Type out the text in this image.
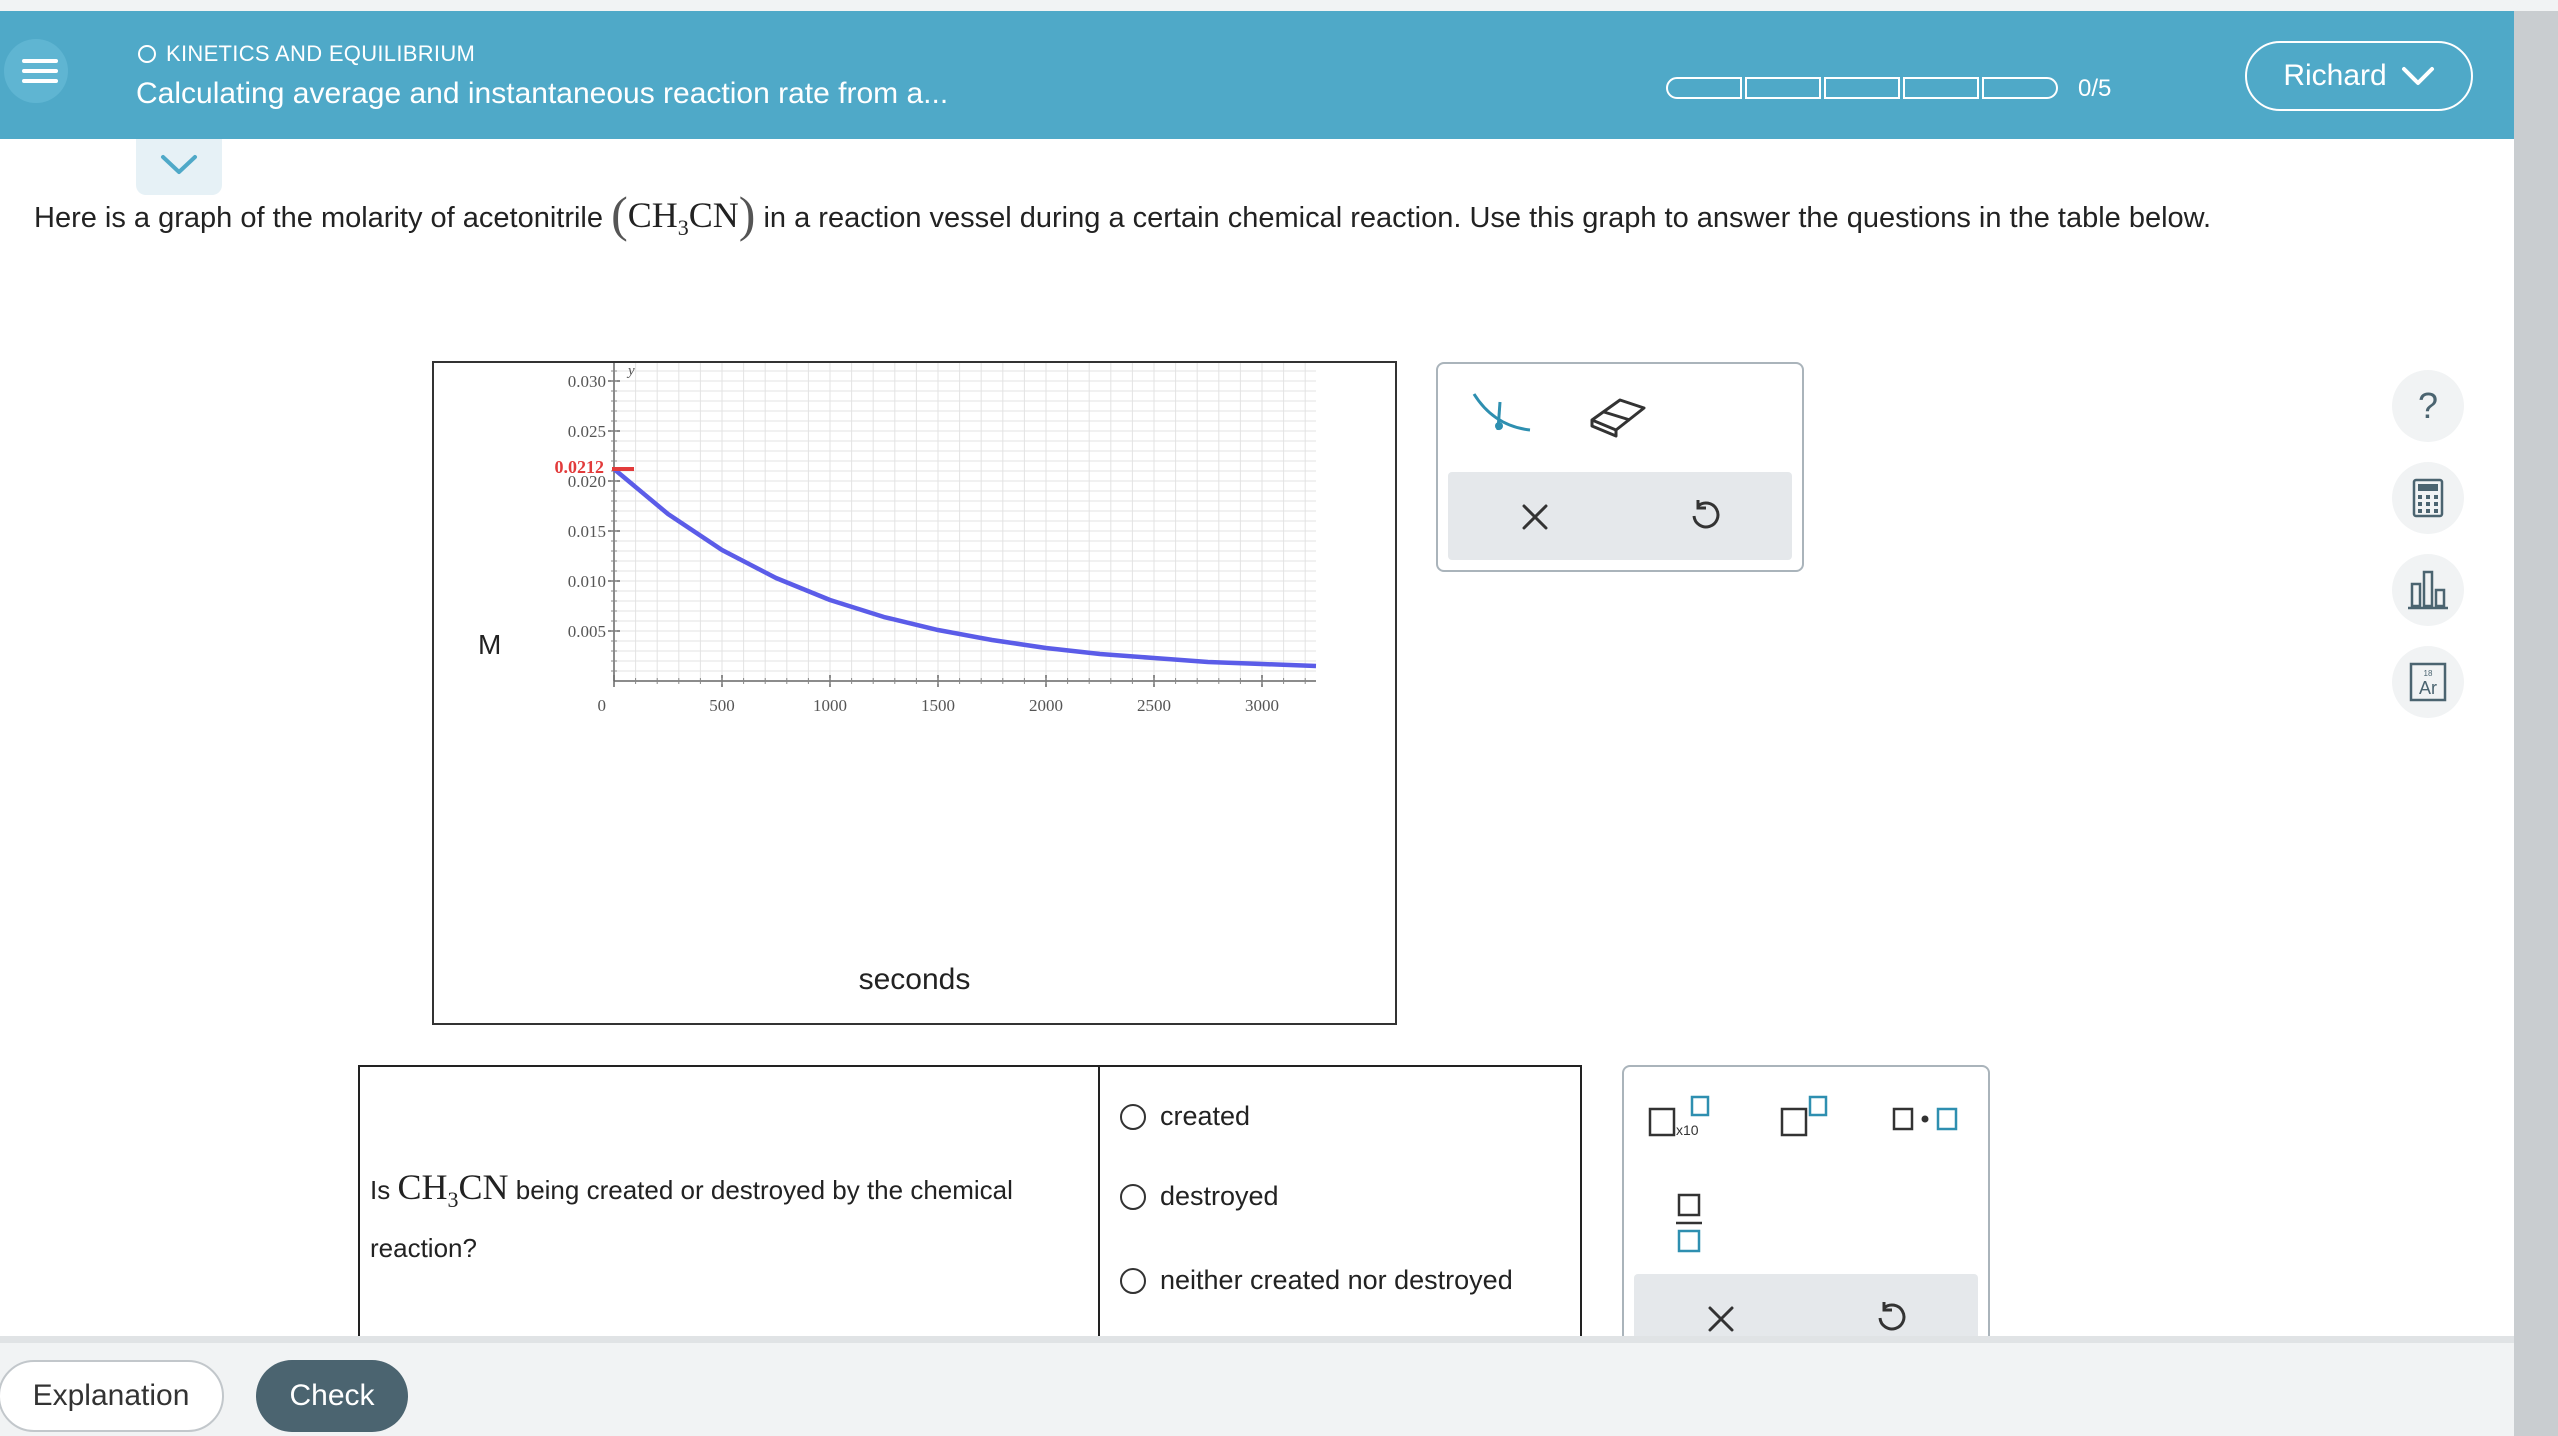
KINETICS AND EQUILIBRIUM
Calculating average and instantaneous reaction rate from a...	0/5	Richard
Here is a graph of the molarity of acetonitrile $(CH_3CN)$ in a reaction vessel during a certain chemical reaction. Use this graph to answer the questions in the table below.
0.005
0.010
0.015
0.020
0.025
0.030
0	500	1000	1500	2000	2500	3000
y
0.0212
M
seconds
?
18
Ar
Is $CH_3CN$ being created or destroyed by the chemical reaction?
created
destroyed
neither created nor destroyed
x10
Explanation	Check
